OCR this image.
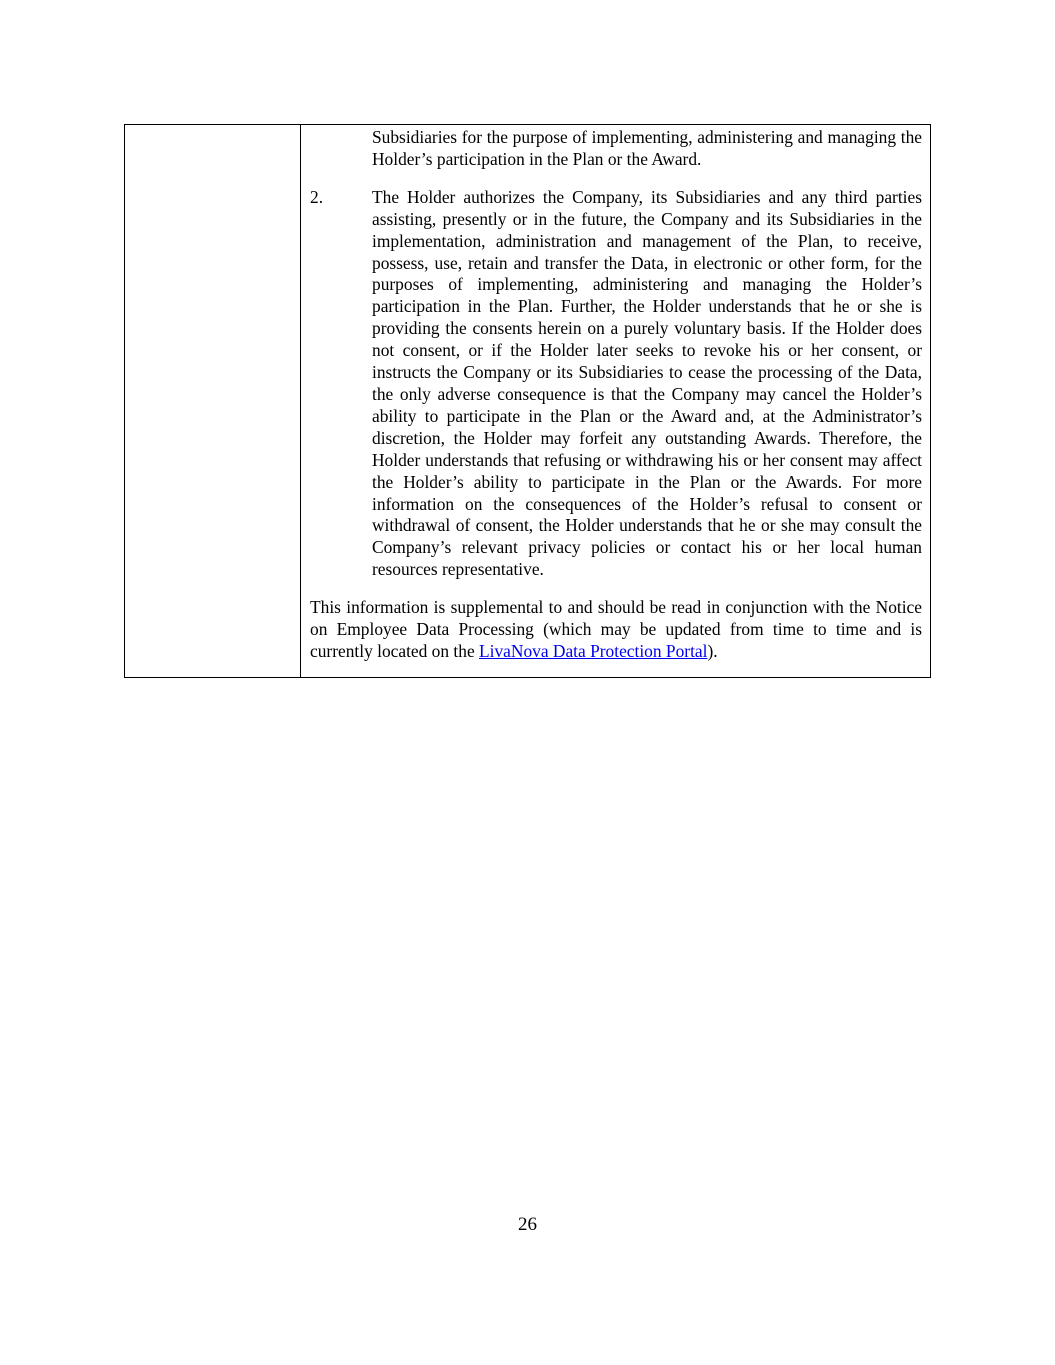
Subsidiaries for the purpose of implementing, administering and managing the Holder’s participation in the Plan or the Award.
2.	The Holder authorizes the Company, its Subsidiaries and any third parties assisting, presently or in the future, the Company and its Subsidiaries in the implementation, administration and management of the Plan, to receive, possess, use, retain and transfer the Data, in electronic or other form, for the purposes of implementing, administering and managing the Holder’s participation in the Plan. Further, the Holder understands that he or she is providing the consents herein on a purely voluntary basis. If the Holder does not consent, or if the Holder later seeks to revoke his or her consent, or instructs the Company or its Subsidiaries to cease the processing of the Data, the only adverse consequence is that the Company may cancel the Holder’s ability to participate in the Plan or the Award and, at the Administrator’s discretion, the Holder may forfeit any outstanding Awards. Therefore, the Holder understands that refusing or withdrawing his or her consent may affect the Holder’s ability to participate in the Plan or the Awards. For more information on the consequences of the Holder’s refusal to consent or withdrawal of consent, the Holder understands that he or she may consult the Company’s relevant privacy policies or contact his or her local human resources representative.
This information is supplemental to and should be read in conjunction with the Notice on Employee Data Processing (which may be updated from time to time and is currently located on the LivaNova Data Protection Portal).
26
